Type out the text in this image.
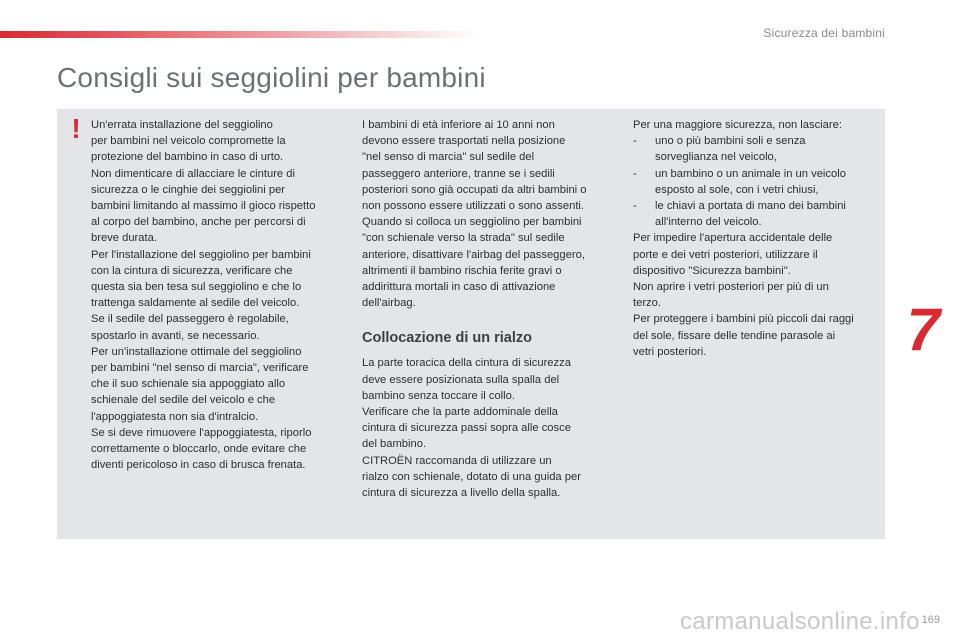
Sicurezza dei bambini
Consigli sui seggiolini per bambini
! Un'errata installazione del seggiolino

per bambini nel veicolo compromette la

protezione del bambino in caso di urto.

Non dimenticare di allacciare le cinture di

sicurezza o le cinghie dei seggiolini per

bambini limitando al massimo il gioco rispetto

al corpo del bambino, anche per percorsi di

breve durata.

Per l'installazione del seggiolino per bambini

con la cintura di sicurezza, verificare che

questa sia ben tesa sul seggiolino e che lo

trattenga saldamente al sedile del veicolo.

Se il sedile del passeggero è regolabile,

spostarlo in avanti, se necessario.

Per un'installazione ottimale del seggiolino

per bambini "nel senso di marcia", verificare

che il suo schienale sia appoggiato allo

schienale del sedile del veicolo e che

l'appoggiatesta non sia d'intralcio.

Se si deve rimuovere l'appoggiatesta, riporlo

correttamente o bloccarlo, onde evitare che

diventi pericoloso in caso di brusca frenata.

I bambini di età inferiore ai 10 anni non

devono essere trasportati nella posizione

"nel senso di marcia" sul sedile del

passeggero anteriore, tranne se i sedili

posteriori sono già occupati da altri bambini o

non possono essere utilizzati o sono assenti.

Quando si colloca un seggiolino per bambini

"con schienale verso la strada" sul sedile

anteriore, disattivare l'airbag del passeggero,

altrimenti il bambino rischia ferite gravi o

addirittura mortali in caso di attivazione

dell'airbag.

Collocazione di un rialzo

La parte toracica della cintura di sicurezza

deve essere posizionata sulla spalla del

bambino senza toccare il collo.

Verificare che la parte addominale della

cintura di sicurezza passi sopra alle cosce

del bambino.

CITROËN raccomanda di utilizzare un

rialzo con schienale, dotato di una guida per

cintura di sicurezza a livello della spalla.

Per una maggiore sicurezza, non lasciare:

-	uno o più bambini soli e senza

sorveglianza nel veicolo,

-	un bambino o un animale in un veicolo

esposto al sole, con i vetri chiusi,

-	le chiavi a portata di mano dei bambini

all'interno del veicolo.

Per impedire l'apertura accidentale delle

porte e dei vetri posteriori, utilizzare il

dispositivo "Sicurezza bambini".

Non aprire i vetri posteriori per più di un

terzo.

Per proteggere i bambini più piccoli dai raggi

del sole, fissare delle tendine parasole ai

vetri posteriori.	7
169
carmanualsonline.info
